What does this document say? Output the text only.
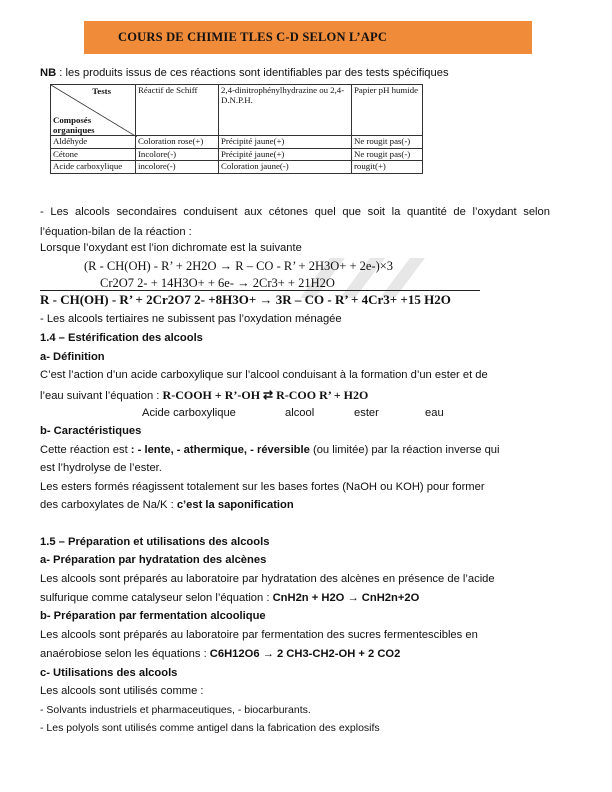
COURS DE CHIMIE TLES C-D SELON L’APC
NB : les produits issus de ces réactions sont identifiables par des tests spécifiques
Tests
Composés organiques	Réactif de Schiff	2,4-dinitrophénylhydrazine ou 2,4-D.N.P.H.	Papier pH humide
Aldéhyde	Coloration rose(+)	Précipité jaune(+)	Ne rougit pas(-)
Cétone	Incolore(-)	Précipité jaune(+)	Ne rougit pas(-)
Acide carboxylique	incolore(-)	Coloration jaune(-)	rougit(+)
- Les alcools secondaires conduisent aux cétones quel que soit la quantité de l’oxydant selon l’équation-bilan de la réaction :
Lorsque l’oxydant est l’ion dichromate est la suivante
(R - CH(OH) - R’ + 2H2O → R – CO - R’ + 2H3O+ + 2e-)×3
Cr2O7 2- + 14H3O+ + 6e- → 2Cr3+ + 21H2O
R - CH(OH) - R’ + 2Cr2O7 2- +8H3O+ → 3R – CO - R’ + 4Cr3+ +15 H2O
- Les alcools tertiaires ne subissent pas l’oxydation ménagée
1.4 – Estérification des alcools
a- Définition
C’est l’action d’un acide carboxylique sur l’alcool conduisant à la formation d’un ester et de
l’eau suivant l’équation : R-COOH + R’-OH ⇄ R-COO R’ + H2O
Acide carboxylique	alcool	ester	eau
b- Caractéristiques
Cette réaction est : - lente, - athermique, - réversible (ou limitée) par la réaction inverse qui
est l’hydrolyse de l’ester.
Les esters formés réagissent totalement sur les bases fortes (NaOH ou KOH) pour former
des carboxylates de Na/K : c’est la saponification
1.5 – Préparation et utilisations des alcools
a- Préparation par hydratation des alcènes
Les alcools sont préparés au laboratoire par hydratation des alcènes en présence de l’acide
sulfurique comme catalyseur selon l’équation : CnH2n + H2O → CnH2n+2O
b- Préparation par fermentation alcoolique
Les alcools sont préparés au laboratoire par fermentation des sucres fermentescibles en
anaérobiose selon les équations : C6H12O6 → 2 CH3-CH2-OH + 2 CO2
c- Utilisations des alcools
Les alcools sont utilisés comme :
- Solvants industriels et pharmaceutiques, - biocarburants.
- Les polyols sont utilisés comme antigel dans la fabrication des explosifs
